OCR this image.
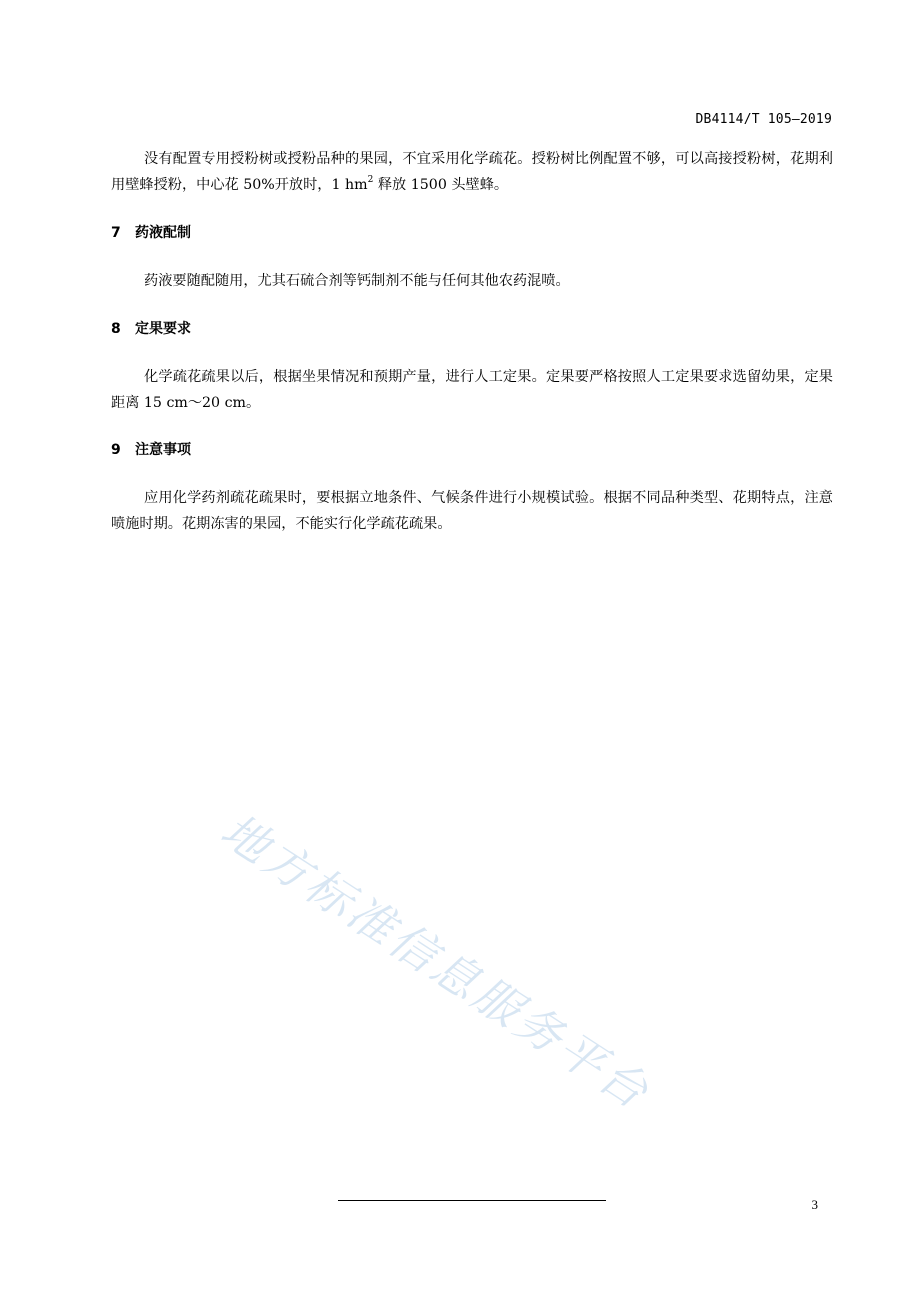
DB4114/T 105—2019

没有配置专用授粉树或授粉品种的果园，不宜采用化学疏花。授粉树比例配置不够，可以高接授粉树，花期利用壁蜂授粉，中心花 50%开放时，1 $hm^2$ 释放 1500 头壁蜂。

7 药液配制

药液要随配随用，尤其石硫合剂等钙制剂不能与任何其他农药混喷。

8 定果要求

化学疏花疏果以后，根据坐果情况和预期产量，进行人工定果。定果要严格按照人工定果要求选留幼果，定果距离 15 cm～20 cm。

9 注意事项

应用化学药剂疏花疏果时，要根据立地条件、气候条件进行小规模试验。根据不同品种类型、花期特点，注意喷施时期。花期冻害的果园，不能实行化学疏花疏果。

地方标准信息服务平台
3
